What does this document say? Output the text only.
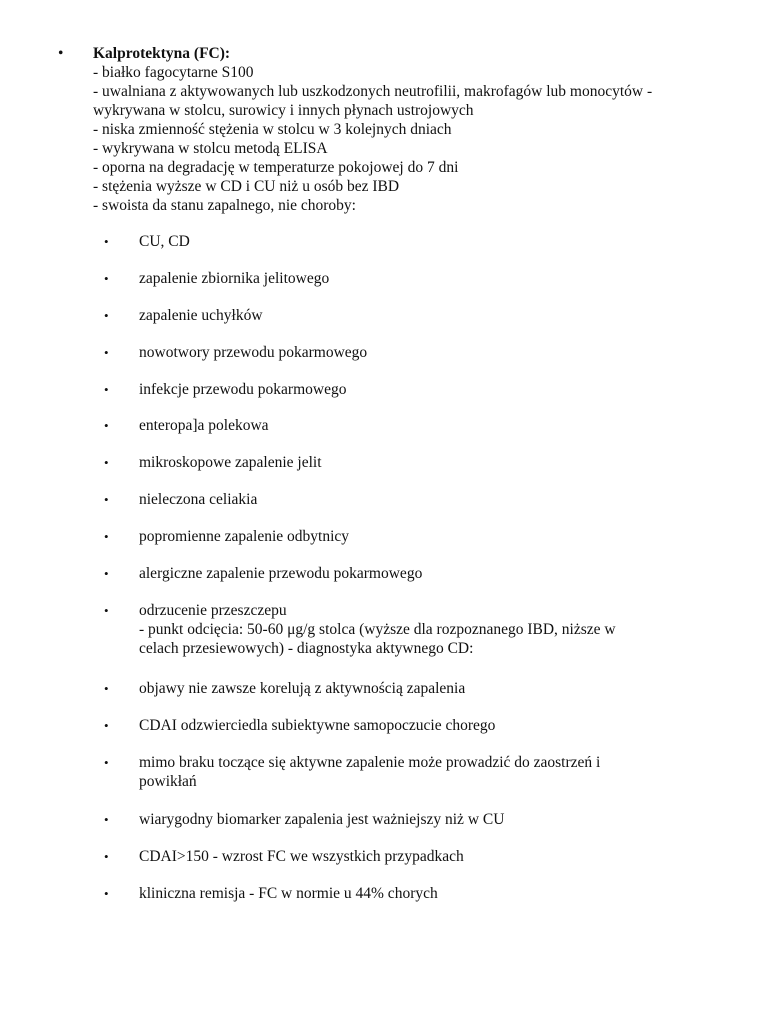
•	Kalprotektyna (FC):
- białko fagocytarne S100
- uwalniana z aktywowanych lub uszkodzonych neutrofilii, makrofagów lub monocytów -
wykrywana w stolcu, surowicy i innych płynach ustrojowych
- niska zmienność stężenia w stolcu w 3 kolejnych dniach
- wykrywana w stolcu metodą ELISA
- oporna na degradację w temperaturze pokojowej do 7 dni
- stężenia wyższe w CD i CU niż u osób bez IBD
- swoista da stanu zapalnego, nie choroby:
• CU, CD
• zapalenie zbiornika jelitowego
• zapalenie uchyłków
• nowotwory przewodu pokarmowego
• infekcje przewodu pokarmowego
• enteropa]a polekowa
• mikroskopowe zapalenie jelit
• nieleczona celiakia
• popromienne zapalenie odbytnicy
• alergiczne zapalenie przewodu pokarmowego
• odrzucenie przeszczepu
- punkt odcięcia: 50-60 μg/g stolca (wyższe dla rozpoznanego IBD, niższe w
celach przesiewowych) - diagnostyka aktywnego CD:
• objawy nie zawsze korelują z aktywnością zapalenia
• CDAI odzwierciedla subiektywne samopoczucie chorego
• mimo braku toczące się aktywne zapalenie może prowadzić do zaostrzeń i
powikłań
• wiarygodny biomarker zapalenia jest ważniejszy niż w CU
• CDAI>150 - wzrost FC we wszystkich przypadkach
• kliniczna remisja - FC w normie u 44% chorych
